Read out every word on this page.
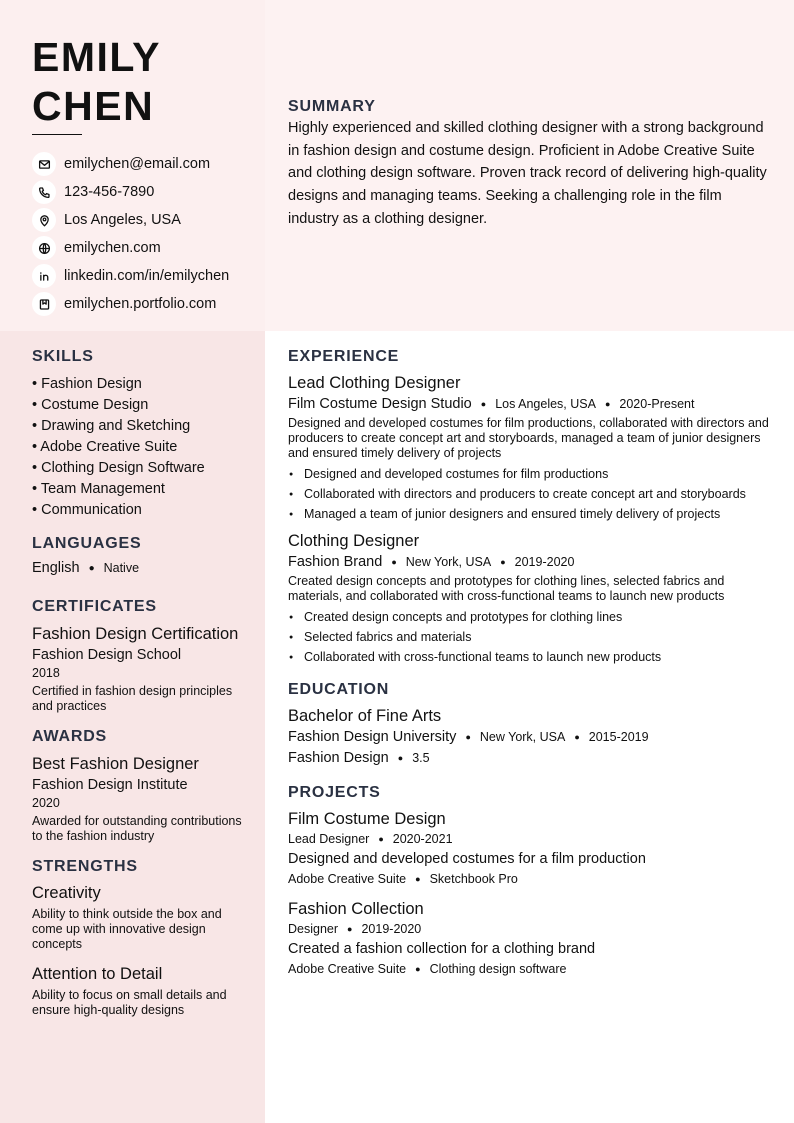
EMILY
CHEN
emilychen@email.com
123-456-7890
Los Angeles, USA
emilychen.com
linkedin.com/in/emilychen
emilychen.portfolio.com
SUMMARY

Highly experienced and skilled clothing designer with a strong background in fashion design and costume design. Proficient in Adobe Creative Suite and clothing design software. Proven track record of delivering high-quality designs and managing teams. Seeking a challenging role in the film industry as a clothing designer.

SKILLS
• Fashion Design
• Costume Design
• Drawing and Sketching
• Adobe Creative Suite
• Clothing Design Software
• Team Management
• Communication
LANGUAGES
English ● Native
CERTIFICATES
Fashion Design Certification
Fashion Design School
2018
Certified in fashion design principles and practices
AWARDS
Best Fashion Designer
Fashion Design Institute
2020
Awarded for outstanding contributions to the fashion industry
STRENGTHS
Creativity
Ability to think outside the box and come up with innovative design concepts
Attention to Detail
Ability to focus on small details and ensure high-quality designs
EXPERIENCE
Lead Clothing Designer
Film Costume Design Studio ● Los Angeles, USA ● 2020-Present
Designed and developed costumes for film productions, collaborated with directors and producers to create concept art and storyboards, managed a team of junior designers and ensured timely delivery of projects
● Designed and developed costumes for film productions
● Collaborated with directors and producers to create concept art and storyboards
● Managed a team of junior designers and ensured timely delivery of projects
Clothing Designer
Fashion Brand ● New York, USA ● 2019-2020
Created design concepts and prototypes for clothing lines, selected fabrics and materials, and collaborated with cross-functional teams to launch new products
● Created design concepts and prototypes for clothing lines
● Selected fabrics and materials
● Collaborated with cross-functional teams to launch new products
EDUCATION
Bachelor of Fine Arts
Fashion Design University ● New York, USA ● 2015-2019
Fashion Design ● 3.5
PROJECTS
Film Costume Design
Lead Designer ● 2020-2021
Designed and developed costumes for a film production
Adobe Creative Suite ● Sketchbook Pro
Fashion Collection
Designer ● 2019-2020
Created a fashion collection for a clothing brand
Adobe Creative Suite ● Clothing design software
